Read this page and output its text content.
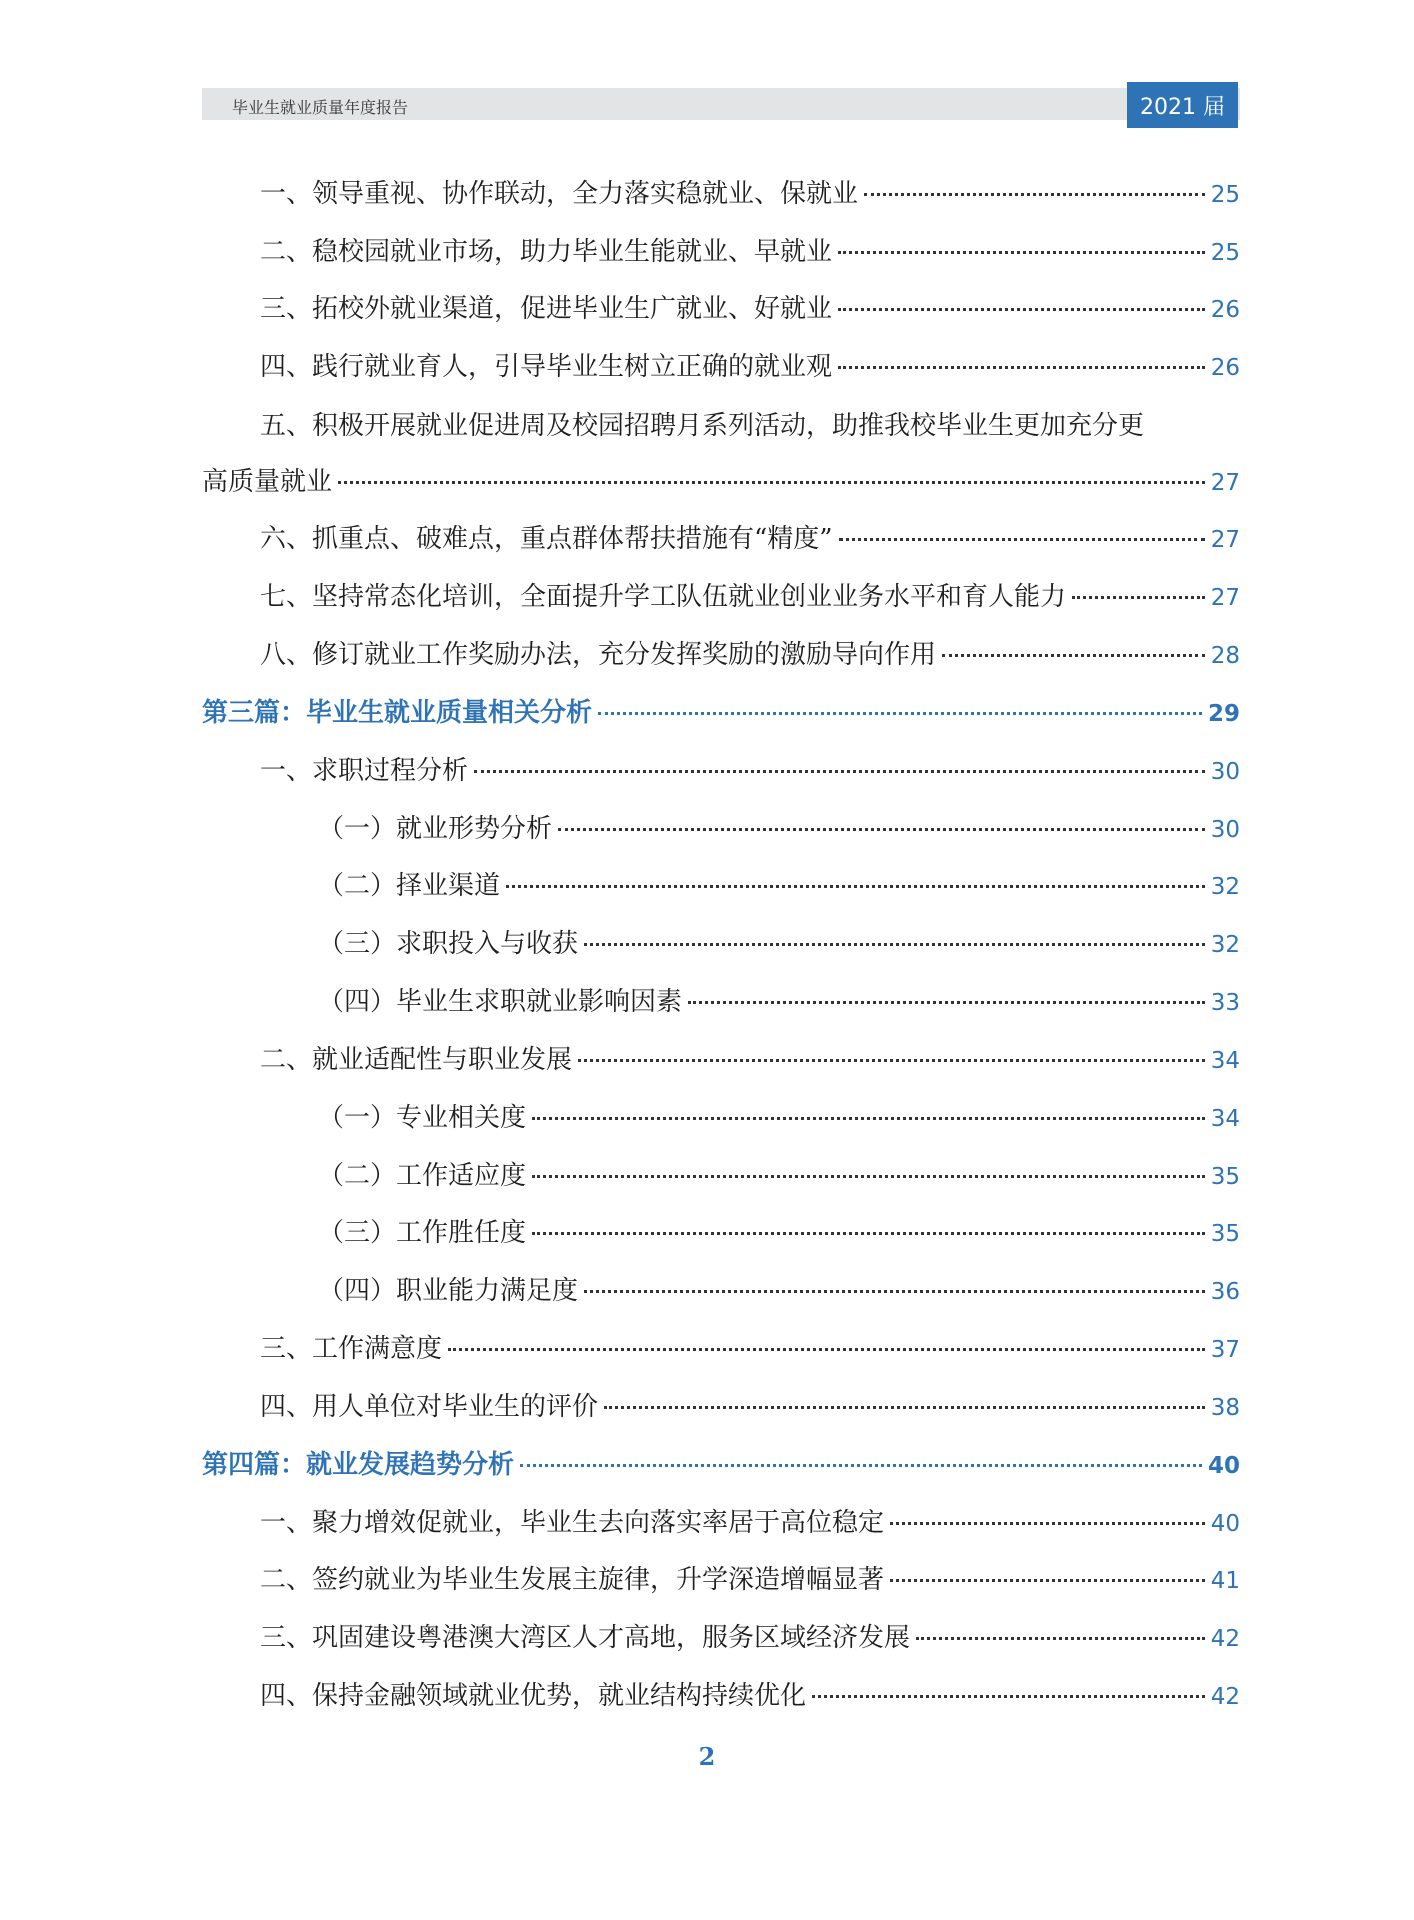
毕业生就业质量年度报告	2021 届
一、领导重视、协作联动，全力落实稳就业、保就业	25
二、稳校园就业市场，助力毕业生能就业、早就业	25
三、拓校外就业渠道，促进毕业生广就业、好就业	26
四、践行就业育人，引导毕业生树立正确的就业观	26
五、积极开展就业促进周及校园招聘月系列活动，助推我校毕业生更加充分更
高质量就业	27
六、抓重点、破难点，重点群体帮扶措施有“精度”	27
七、坚持常态化培训，全面提升学工队伍就业创业业务水平和育人能力	27
八、修订就业工作奖励办法，充分发挥奖励的激励导向作用	28
第三篇：毕业生就业质量相关分析	29
一、求职过程分析	30
（一）就业形势分析	30
（二）择业渠道	32
（三）求职投入与收获	32
（四）毕业生求职就业影响因素	33
二、就业适配性与职业发展	34
（一）专业相关度	34
（二）工作适应度	35
（三）工作胜任度	35
（四）职业能力满足度	36
三、工作满意度	37
四、用人单位对毕业生的评价	38
第四篇：就业发展趋势分析	40
一、聚力增效促就业，毕业生去向落实率居于高位稳定	40
二、签约就业为毕业生发展主旋律，升学深造增幅显著	41
三、巩固建设粤港澳大湾区人才高地，服务区域经济发展	42
四、保持金融领域就业优势，就业结构持续优化	42
2
